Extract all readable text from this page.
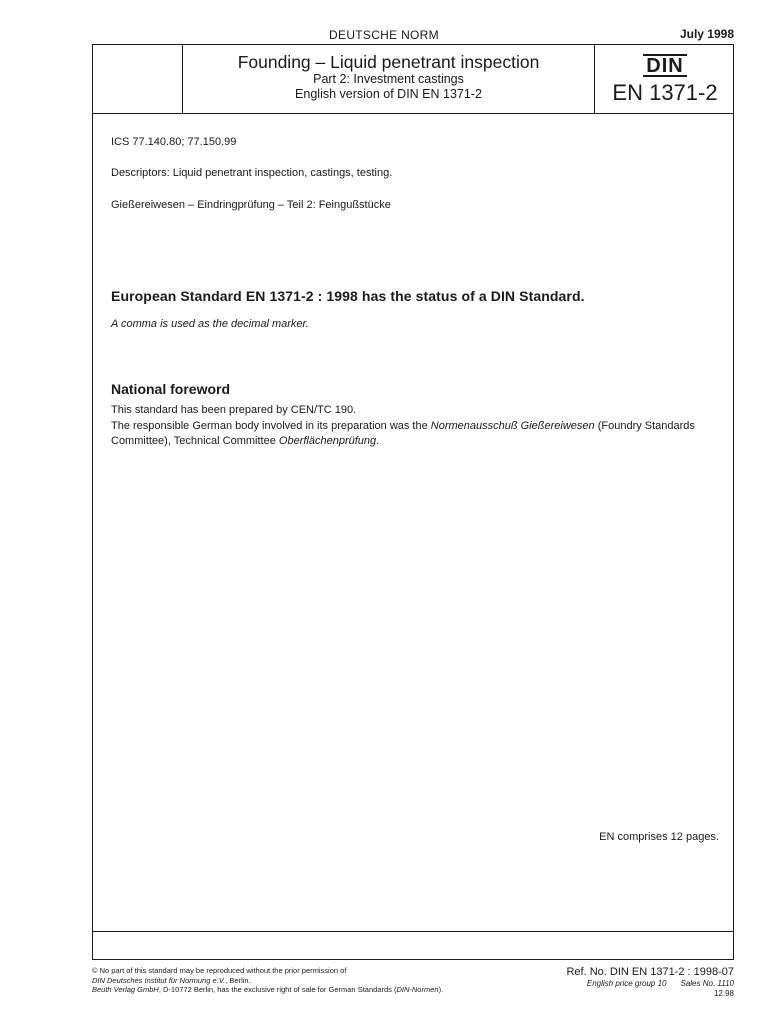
DEUTSCHE NORM	July 1998
Founding – Liquid penetrant inspection
Part 2: Investment castings
English version of DIN EN 1371-2
DIN
EN 1371-2
ICS 77.140.80; 77.150.99
Descriptors: Liquid penetrant inspection, castings, testing.
Gießereiwesen – Eindringprüfung – Teil 2: Feingußstücke
European Standard EN 1371-2 : 1998 has the status of a DIN Standard.
A comma is used as the decimal marker.
National foreword
This standard has been prepared by CEN/TC 190.
The responsible German body involved in its preparation was the Normenausschuß Gießereiwesen (Foundry Standards Committee), Technical Committee Oberflächenprüfung.
EN comprises 12 pages.
© No part of this standard may be reproduced without the prior permission of
DIN Deutsches Institut für Normung e.V., Berlin.
Beuth Verlag GmbH, D-10772 Berlin, has the exclusive right of sale for German Standards (DIN-Normen).
Ref. No. DIN EN 1371-2 : 1998-07
English price group 10 Sales No. 1110
12.98
